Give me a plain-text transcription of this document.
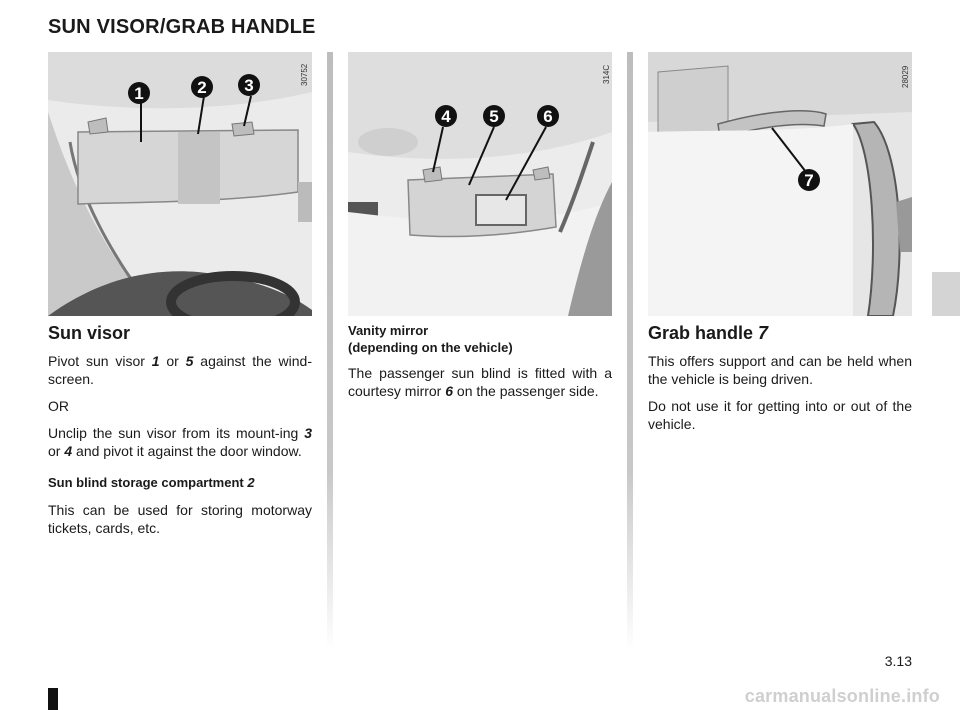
SUN VISOR/GRAB HANDLE
1	2 3	30752
4 5	6
314C
7
28029
Sun visor

Pivot sun visor 1 or 5 against the wind-screen.

OR

Unclip the sun visor from its mount-ing 3 or 4 and pivot it against the door window.

Sun blind storage compartment 2

This can be used for storing motorway tickets, cards, etc.

Vanity mirror
(depending on the vehicle)

The passenger sun blind is fitted with a courtesy mirror 6 on the passenger side.

Grab handle 7

This offers support and can be held when the vehicle is being driven.

Do not use it for getting into or out of the vehicle.

3.13

carmanualsonline.info
